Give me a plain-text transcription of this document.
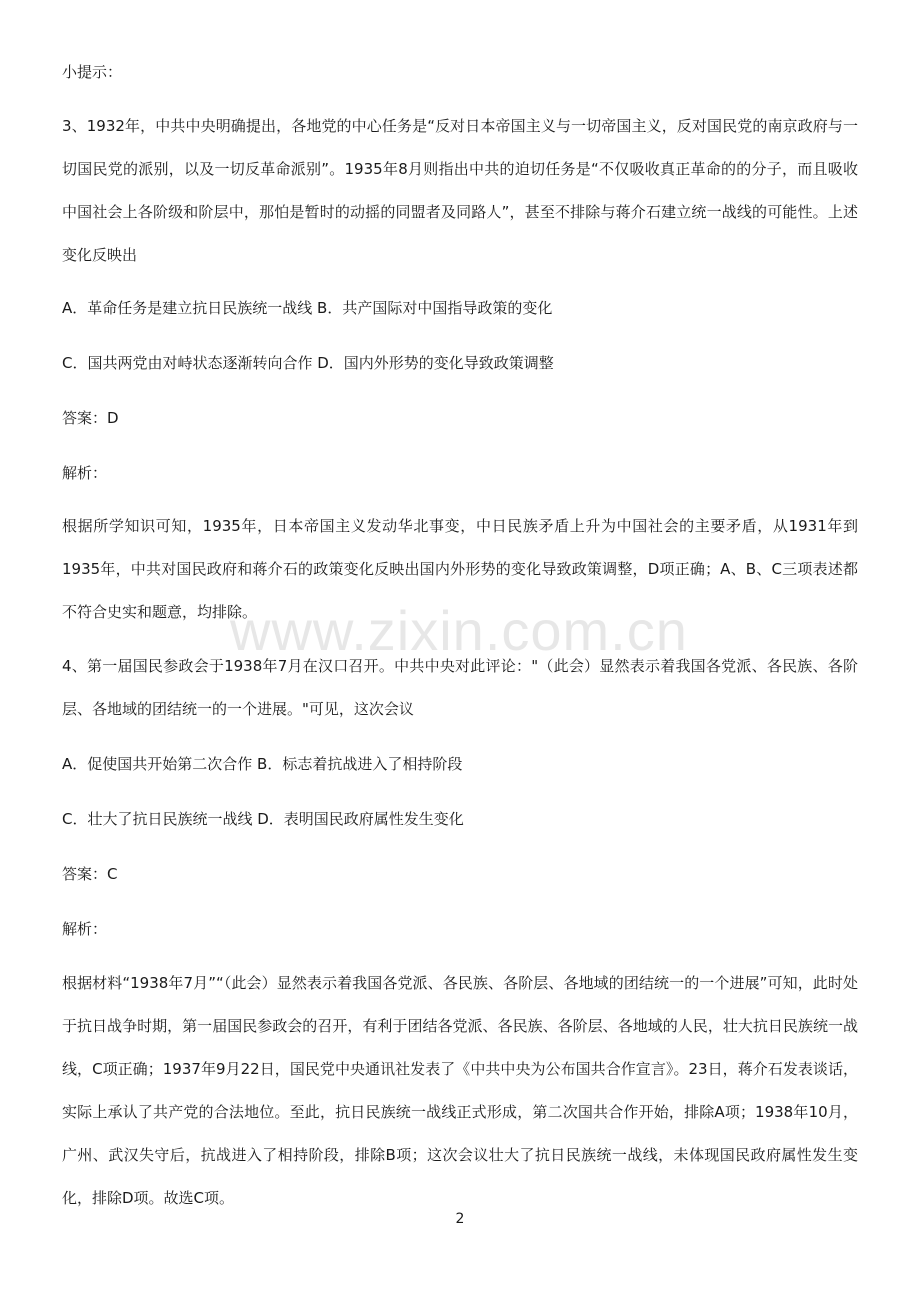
www.zixin.com.cn
小提示：
3、1932年，中共中央明确提出，各地党的中心任务是“反对日本帝国主义与一切帝国主义，反对国民党的南京政府与一切国民党的派别，以及一切反革命派别”。1935年8月则指出中共的迫切任务是“不仅吸收真正革命的的分子，而且吸收中国社会上各阶级和阶层中，那怕是暂时的动摇的同盟者及同路人”，甚至不排除与蒋介石建立统一战线的可能性。上述变化反映出
A．革命任务是建立抗日民族统一战线 B．共产国际对中国指导政策的变化
C．国共两党由对峙状态逐渐转向合作 D．国内外形势的变化导致政策调整
答案：D
解析：
根据所学知识可知，1935年，日本帝国主义发动华北事变，中日民族矛盾上升为中国社会的主要矛盾，从1931年到1935年，中共对国民政府和蒋介石的政策变化反映出国内外形势的变化导致政策调整，D项正确；A、B、C三项表述都不符合史实和题意，均排除。
4、第一届国民参政会于1938年7月在汉口召开。中共中央对此评论："（此会）显然表示着我国各党派、各民族、各阶层、各地域的团结统一的一个进展。"可见，这次会议
A．促使国共开始第二次合作 B．标志着抗战进入了相持阶段
C．壮大了抗日民族统一战线 D．表明国民政府属性发生变化
答案：C
解析：
根据材料“1938年7月”“（此会）显然表示着我国各党派、各民族、各阶层、各地域的团结统一的一个进展”可知，此时处于抗日战争时期，第一届国民参政会的召开，有利于团结各党派、各民族、各阶层、各地域的人民，壮大抗日民族统一战线，C项正确；1937年9月22日，国民党中央通讯社发表了《中共中央为公布国共合作宣言》。23日，蒋介石发表谈话，实际上承认了共产党的合法地位。至此，抗日民族统一战线正式形成，第二次国共合作开始，排除A项；1938年10月，广州、武汉失守后，抗战进入了相持阶段，排除B项；这次会议壮大了抗日民族统一战线，未体现国民政府属性发生变化，排除D项。故选C项。
2
